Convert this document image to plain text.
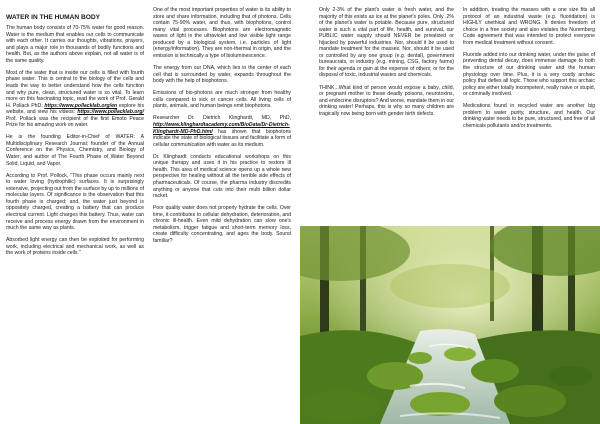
WATER IN THE HUMAN BODY

The human body consists of 70-75% water for good reason. Water is the medium that enables our cells to communicate with each other. It carries our thoughts, vibrations, prayers, and plays a major role in thousands of bodily functions and health. But, as the authors above explain, not all water is of the same quality.

Most of the water that is inside our cells is filled with fourth phase water. This is central to the biology of the cells and leads the way to better understand how the cells function and why pure, clean, structured water is so vital. To learn more on this fascinating topic, read the work of Prof. Gerald H. Pollack PhD, https://www.pollacklab.org/en explore his website, and view his videos: https://www.pollacklab.org/ Prof. Pollack was the recipient of the first Emoto Peace Prize for his amazing work on water.

He is the founding Editor-in-Chief of WATER: A Multidisciplinary Research Journal; founder of the Annual Conference on the Physics, Chemistry, and Biology of Water; and author of The Fourth Phase of Water Beyond Solid, Liquid, and Vapor.

According to Prof. Pollock, "This phase occurs mainly next to water loving (hydrophilic) surfaces. It is surprisingly extensive, projecting out from the surface by up to millions of molecular layers. Of significance is the observation that this fourth phase is charged; and, the water just beyond is oppositely charged, creating a battery that can produce electrical current. Light charges this battery. Thus, water can receive and process energy drawn from the environment in much the same way as plants.

Absorbed light energy can then be exploited for performing work, including electrical and mechanical work, as well as the work of proteins inside cells."

One of the most important properties of water is its ability to store and share information, including that of photons. Cells contain 75-90% water, and thus, with biophotons, control many vital processes. Biophotons are electromagnetic waves of light in the ultraviolet and low visible light range produced by a biological system, i.e. particles of light (energy/information). They are non-thermal in origin, and the emission is technically a type of bioluminescence.

The energy from our DNA, which lies in the center of each cell that is surrounded by water, expands throughout the body with the help of biophotons.

Emissions of bio-photons are much stronger from healthy cells compared to sick or cancer cells. All living cells of plants, animals, and human beings emit biophotons.

Researcher Dr. Dietrich Klinghardt, MD, PhD, http://www.klinghardtacademy.com/BioData/Dr-Dietrich-Klinghardt-MD-PhD.html has shown that biophotons indicate the state of biological tissues and facilitate a form of cellular communication with water as its medium.

Dr. Klinghardt conducts educational workshops on this unique therapy and uses it in his practice to restore ill health. This area of medical science opens up a whole new perspective for healing without all the terrible side effects of pharmaceuticals. Of course, the pharma industry discredits anything or anyone that cuts into their multi billion dollar racket.

Poor quality water does not properly hydrate the cells. Over time, it contributes to cellular dehydration, deterioration, and chronic ill-health. Even mild dehydration can slow one's metabolism, trigger fatigue and short-term memory loss, create difficulty concentrating, and ages the body. Sound familiar?

Only 2-3% of the plant's water is fresh water, and the majority of this exists as ice at the planet's poles. Only .2% of the planet's water is potable. Because pure, structured water is such a vital part of life, health, and survival, our PUBLIC water supply should NEVER be privatized or hijacked by powerful industries. Nor, should it be used to mandate treatment for the masses. Nor, should it be used or controlled by any one group (e.g. dental), government bureaucrats, or industry (e.g. mining, CSG, factory farms) for their agenda or gain at the expense of others; or for the disposal of toxic, industrial wastes and chemicals.

THINK...What kind of person would expose a baby, child, or pregnant mother to these deadly poisons, neurotoxins, and endocrine disruptors? And worse, mandate them in our drinking water! Perhaps, this is why so many children are tragically now being born with gender birth defects.

In addition, treating the masses with a one size fits all protocol of an industrial waste (e.g. fluoridation) is HIGHLY unethical and WRONG. It denies freedom of choice in a free society and also violates the Nuremberg Code agreement that was intended to protect everyone from medical treatment without consent.

Fluoride added into our drinking water, under the guise of preventing dental decay, does immense damage to both the structure of our drinking water and the human physiology over time. Plus, it is a very costly archaic policy that defies all logic. Those who support this archaic policy are either totally incompetent, really naive or stupid, or criminally involved.

Medications found in recycled water are another big problem to water purity, structure, and health. Our drinking water needs to be pure, structured, and free of all chemicals pollutants and/or treatments.
